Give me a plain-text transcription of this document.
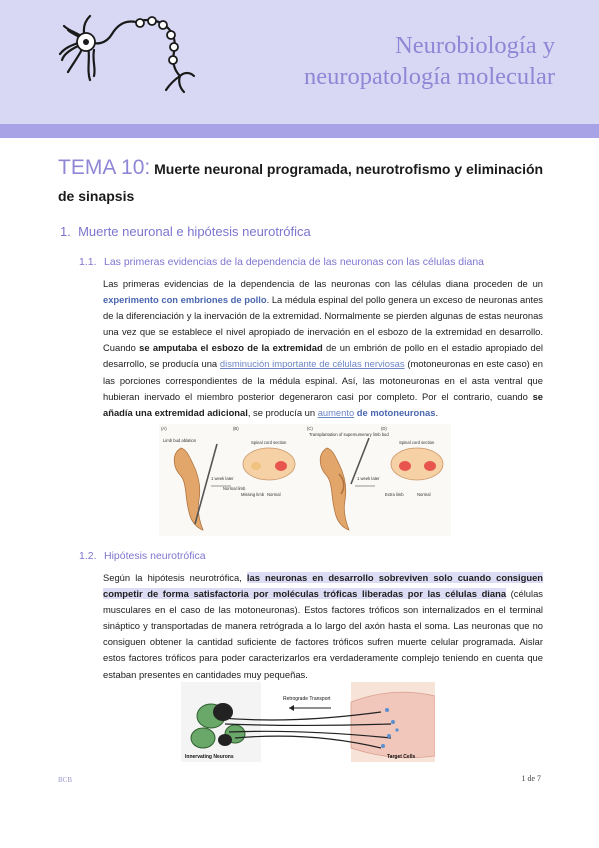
Neurobiología y
neuropatología molecular
TEMA 10: Muerte neuronal programada, neurotrofismo y eliminación de sinapsis
1. Muerte neuronal e hipótesis neurotrófica
1.1. Las primeras evidencias de la dependencia de las neuronas con las células diana
Las primeras evidencias de la dependencia de las neuronas con las células diana proceden de un experimento con embriones de pollo. La médula espinal del pollo genera un exceso de neuronas antes de la diferenciación y la inervación de la extremidad. Normalmente se pierden algunas de estas neuronas una vez que se establece el nivel apropiado de inervación en el esbozo de la extremidad en desarrollo. Cuando se amputaba el esbozo de la extremidad de un embrión de pollo en el estadio apropiado del desarrollo, se producía una disminución importante de células nerviosas (motoneuronas en este caso) en las porciones correspondientes de la médula espinal. Así, las motoneuronas en el asta ventral que hubieran inervado el miembro posterior degeneraron casi por completo. Por el contrario, cuando se añadía una extremidad adicional, se producía un aumento de motoneuronas.
(A)	(B)	(C)	(D)
Limb bud ablation	Spinal cord section
Transplantation of supernumerary limb bud
Spinal cord section
1 week later	1 week later
Normal limb
Missing limb Normal	Extra limb	Normal
1.2. Hipótesis neurotrófica
Según la hipótesis neurotrófica, las neuronas en desarrollo sobreviven solo cuando consiguen competir de forma satisfactoria por moléculas tróficas liberadas por las células diana (células musculares en el caso de las motoneuronas). Estos factores tróficos son internalizados en el terminal sináptico y transportadas de manera retrógrada a lo largo del axón hasta el soma. Las neuronas que no consiguen obtener la cantidad suficiente de factores tróficos sufren muerte celular programada. Aislar estos factores tróficos para poder caracterizarlos era verdaderamente complejo teniendo en cuenta que estaban presentes en cantidades muy pequeñas.
Retrograde Transport
Innervating Neurons	Target Cells
BCB	1 de 7
